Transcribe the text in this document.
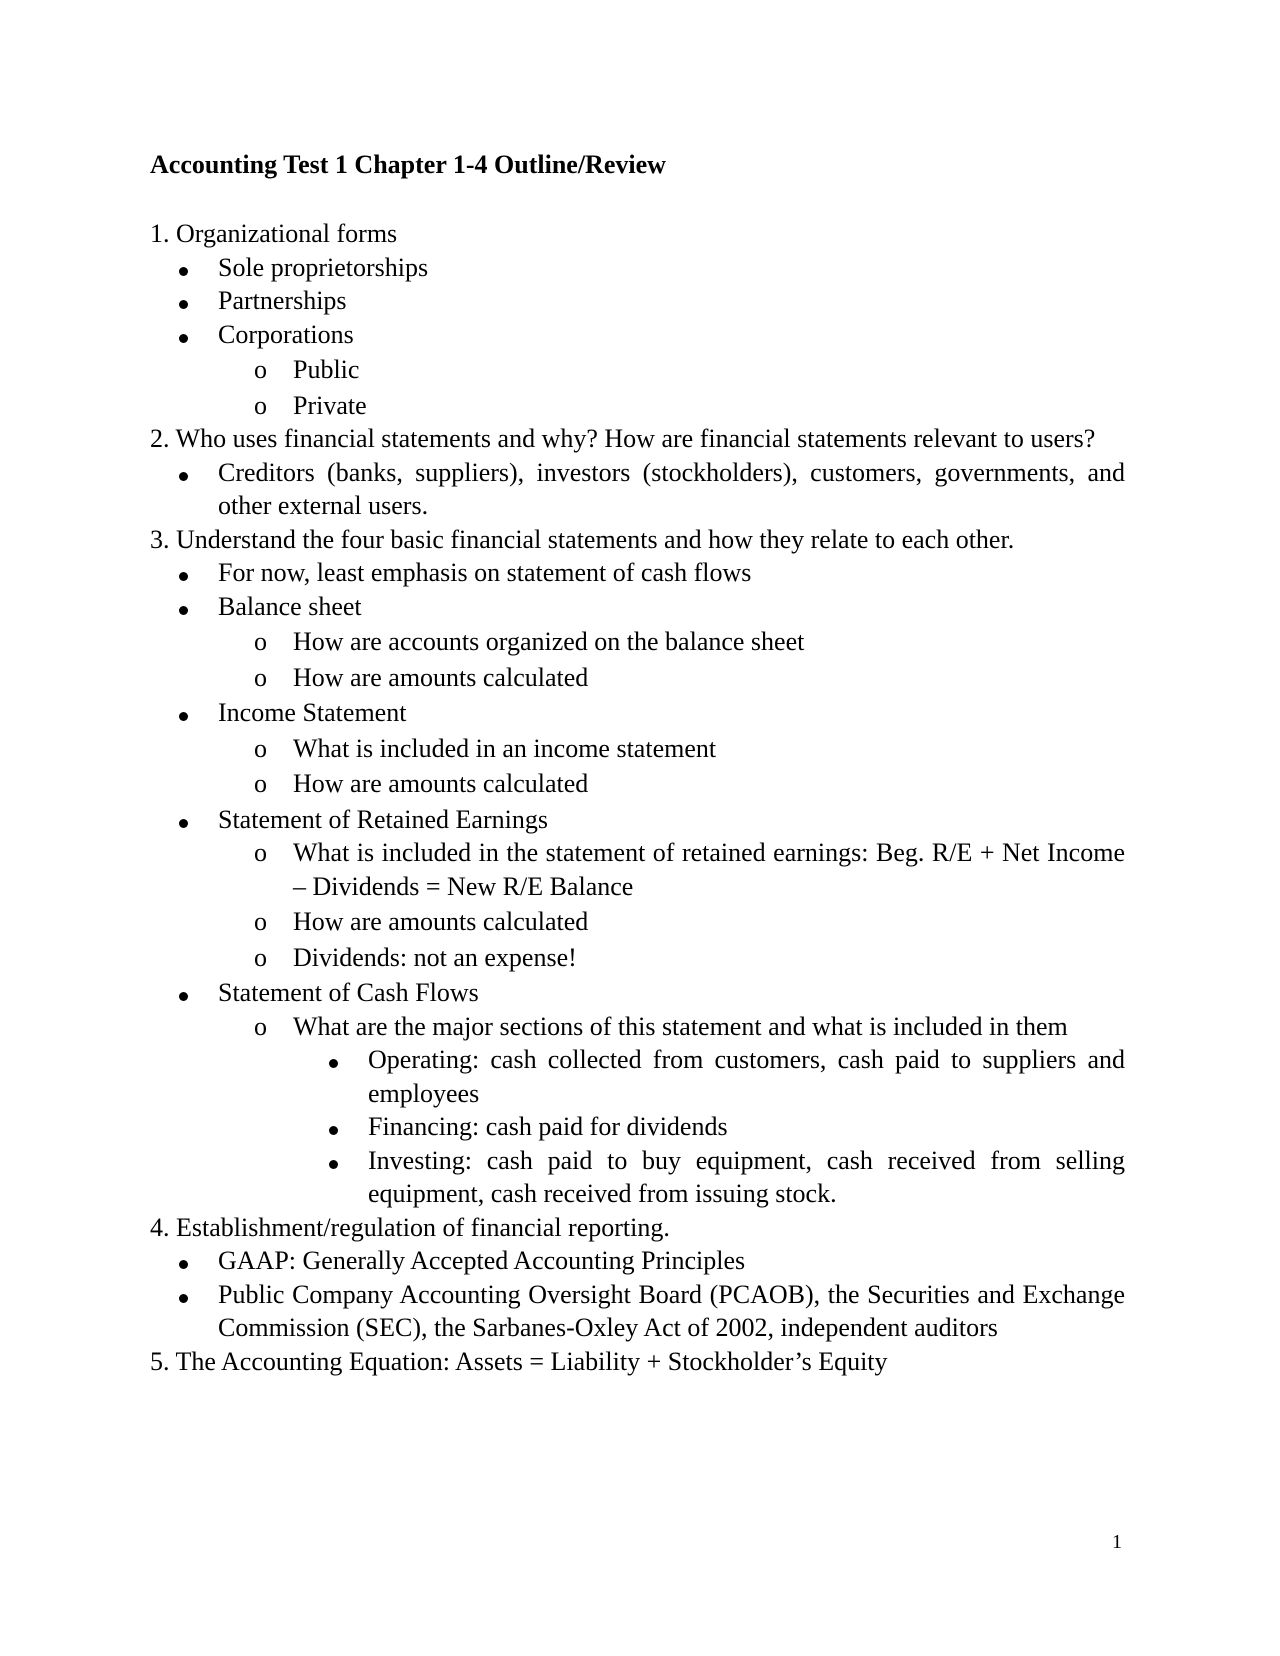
Accounting Test 1 Chapter 1-4 Outline/Review
1. Organizational forms
Sole proprietorships
Partnerships
Corporations
o Public
o Private
2. Who uses financial statements and why? How are financial statements relevant to users?
Creditors (banks, suppliers), investors (stockholders), customers, governments, and other external users.
3. Understand the four basic financial statements and how they relate to each other.
For now, least emphasis on statement of cash flows
Balance sheet
o How are accounts organized on the balance sheet
o How are amounts calculated
Income Statement
o What is included in an income statement
o How are amounts calculated
Statement of Retained Earnings
o What is included in the statement of retained earnings: Beg. R/E + Net Income – Dividends = New R/E Balance
o How are amounts calculated
o Dividends: not an expense!
Statement of Cash Flows
o What are the major sections of this statement and what is included in them
Operating: cash collected from customers, cash paid to suppliers and employees
Financing: cash paid for dividends
Investing: cash paid to buy equipment, cash received from selling equipment, cash received from issuing stock.
4. Establishment/regulation of financial reporting.
GAAP: Generally Accepted Accounting Principles
Public Company Accounting Oversight Board (PCAOB), the Securities and Exchange Commission (SEC), the Sarbanes-Oxley Act of 2002, independent auditors
5. The Accounting Equation: Assets = Liability + Stockholder’s Equity
1
